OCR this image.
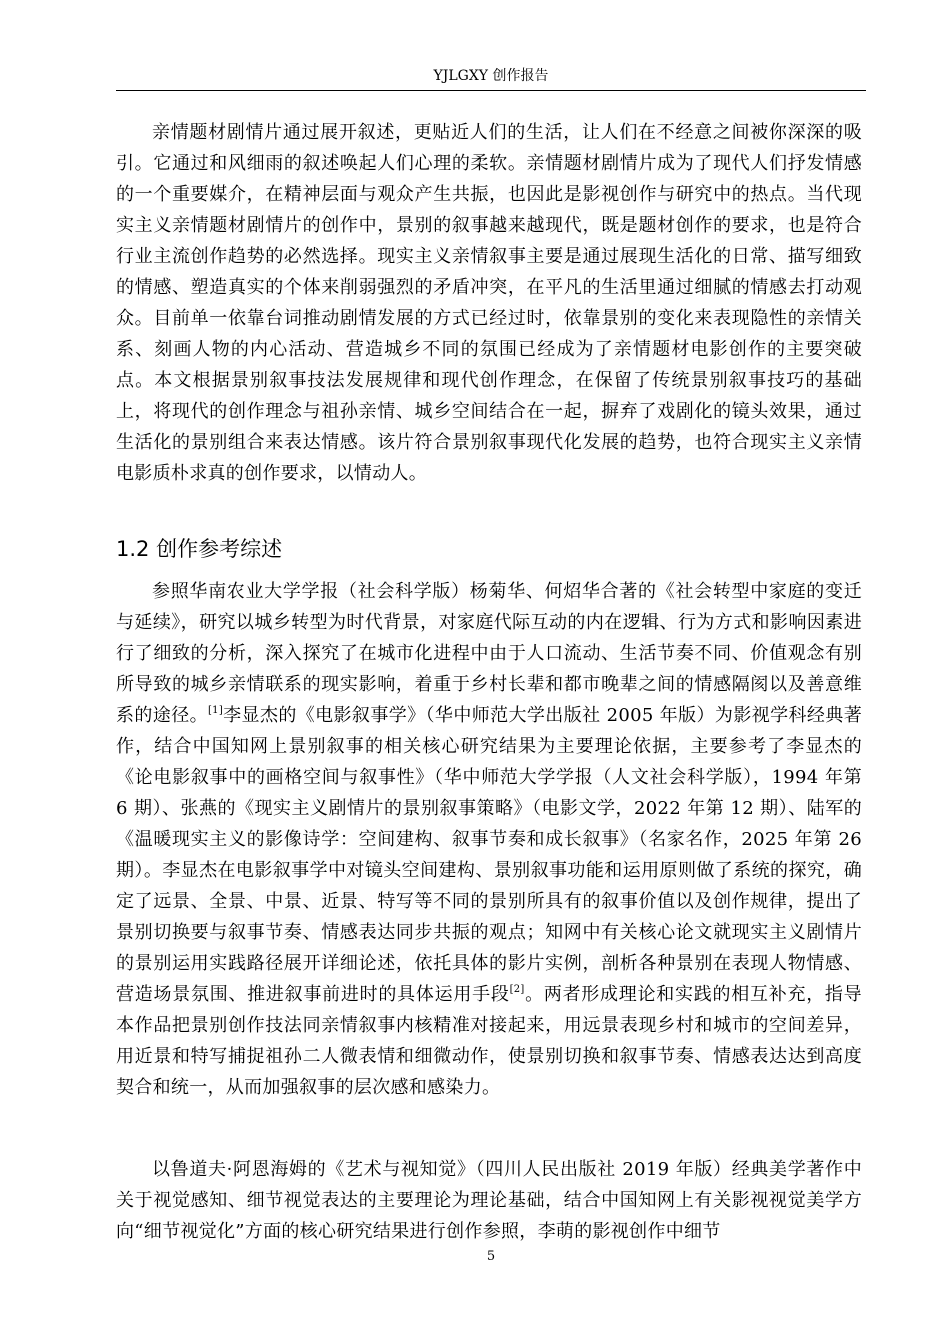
YJLGXY 创作报告

亲情题材剧情片通过展开叙述，更贴近人们的生活，让人们在不经意之间被你深深的吸引。它通过和风细雨的叙述唤起人们心理的柔软。亲情题材剧情片成为了现代人们抒发情感的一个重要媒介，在精神层面与观众产生共振，也因此是影视创作与研究中的热点。当代现实主义亲情题材剧情片的创作中，景别的叙事越来越现代，既是题材创作的要求，也是符合行业主流创作趋势的必然选择。现实主义亲情叙事主要是通过展现生活化的日常、描写细致的情感、塑造真实的个体来削弱强烈的矛盾冲突，在平凡的生活里通过细腻的情感去打动观众。目前单一依靠台词推动剧情发展的方式已经过时，依靠景别的变化来表现隐性的亲情关系、刻画人物的内心活动、营造城乡不同的氛围已经成为了亲情题材电影创作的主要突破点。本文根据景别叙事技法发展规律和现代创作理念，在保留了传统景别叙事技巧的基础上，将现代的创作理念与祖孙亲情、城乡空间结合在一起，摒弃了戏剧化的镜头效果，通过生活化的景别组合来表达情感。该片符合景别叙事现代化发展的趋势，也符合现实主义亲情电影质朴求真的创作要求，以情动人。

1.2 创作参考综述

参照华南农业大学学报（社会科学版）杨菊华、何炤华合著的《社会转型中家庭的变迁与延续》，研究以城乡转型为时代背景，对家庭代际互动的内在逻辑、行为方式和影响因素进行了细致的分析，深入探究了在城市化进程中由于人口流动、生活节奏不同、价值观念有别所导致的城乡亲情联系的现实影响，着重于乡村长辈和都市晚辈之间的情感隔阂以及善意维系的途径。[1]李显杰的《电影叙事学》（华中师范大学出版社 2005 年版）为影视学科经典著作，结合中国知网上景别叙事的相关核心研究结果为主要理论依据，主要参考了李显杰的《论电影叙事中的画格空间与叙事性》（华中师范大学学报（人文社会科学版），1994 年第 6 期）、张燕的《现实主义剧情片的景别叙事策略》（电影文学，2022 年第 12 期）、陆军的《温暖现实主义的影像诗学：空间建构、叙事节奏和成长叙事》（名家名作，2025 年第 26 期）。李显杰在电影叙事学中对镜头空间建构、景别叙事功能和运用原则做了系统的探究，确定了远景、全景、中景、近景、特写等不同的景别所具有的叙事价值以及创作规律，提出了景别切换要与叙事节奏、情感表达同步共振的观点；知网中有关核心论文就现实主义剧情片的景别运用实践路径展开详细论述，依托具体的影片实例，剖析各种景别在表现人物情感、营造场景氛围、推进叙事前进时的具体运用手段[2]。两者形成理论和实践的相互补充，指导本作品把景别创作技法同亲情叙事内核精准对接起来，用远景表现乡村和城市的空间差异，用近景和特写捕捉祖孙二人微表情和细微动作，使景别切换和叙事节奏、情感表达达到高度契合和统一，从而加强叙事的层次感和感染力。

以鲁道夫·阿恩海姆的《艺术与视知觉》（四川人民出版社 2019 年版）经典美学著作中关于视觉感知、细节视觉表达的主要理论为理论基础，结合中国知网上有关影视视觉美学方向“细节视觉化”方面的核心研究结果进行创作参照，李萌的影视创作中细节

5
